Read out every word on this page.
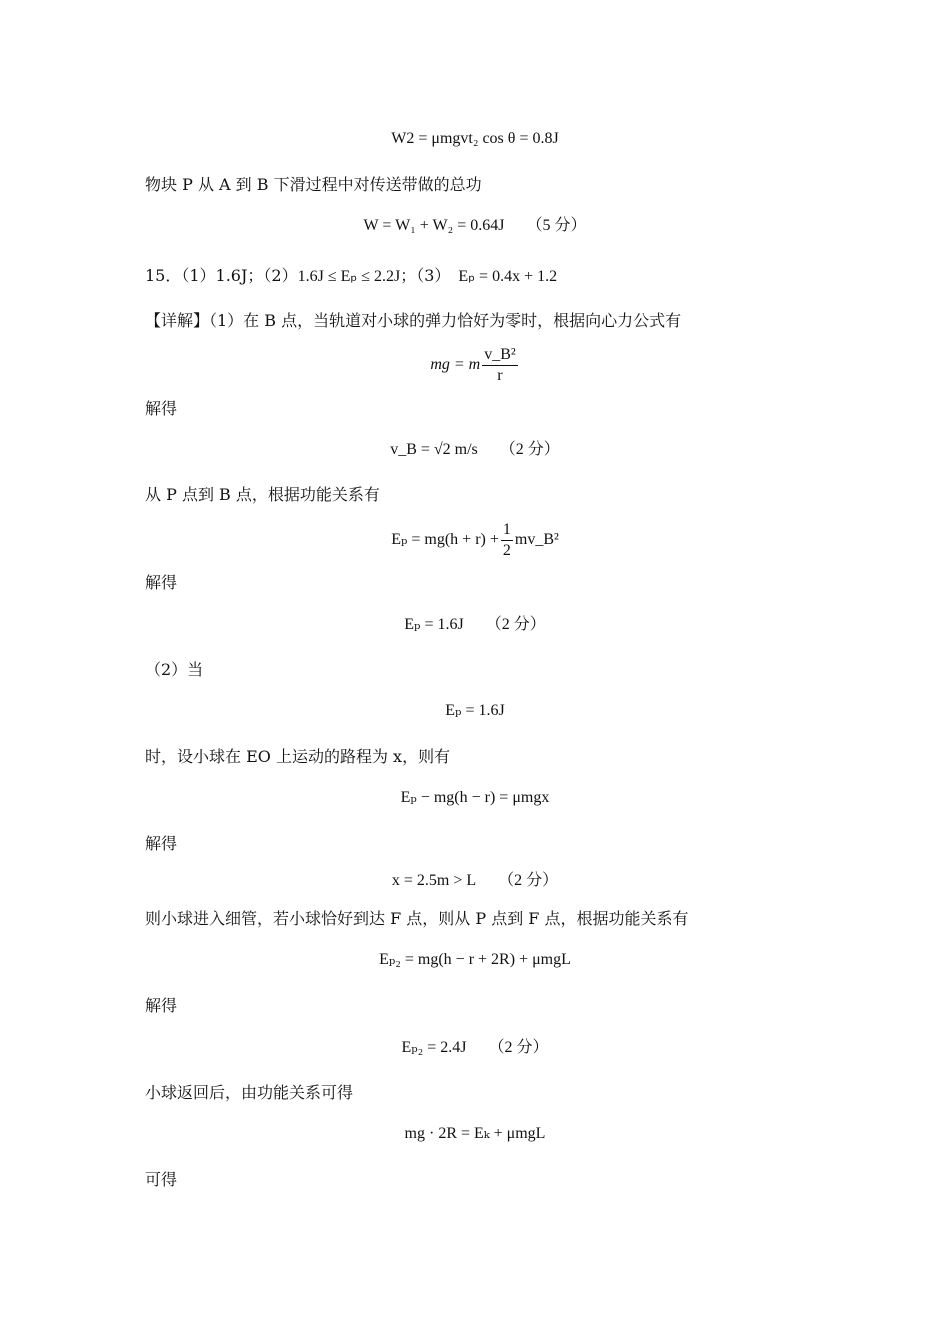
W2 = μmgvt₂ cos θ = 0.8J
物块 P 从 A 到 B 下滑过程中对传送带做的总功
W = W₁ + W₂ = 0.64J （5 分）
15．（1）1.6J；（2）1.6J ≤ Eₚ ≤ 2.2J；（3） Eₚ = 0.4x + 1.2
【详解】（1）在 B 点，当轨道对小球的弹力恰好为零时，根据向心力公式有
mg = m $\frac{\text{v\_B²}}{r}$
解得
v_B = √2 m/s （2 分）
从 P 点到 B 点，根据功能关系有
$E_p = mg(h + r) + \frac{1}{2}$ mv_B²
解得
Eₚ = 1.6J （2 分）
（2）当
Eₚ = 1.6J
时，设小球在 EO 上运动的路程为 x，则有
Eₚ − mg(h − r) = μmgx
解得
x = 2.5m > L （2 分）
则小球进入细管，若小球恰好到达 F 点，则从 P 点到 F 点，根据功能关系有
Eₚ₂ = mg(h − r + 2R) + μmgL
解得
Eₚ₂ = 2.4J （2 分）
小球返回后，由功能关系可得
mg · 2R = Eₖ + μmgL
可得
